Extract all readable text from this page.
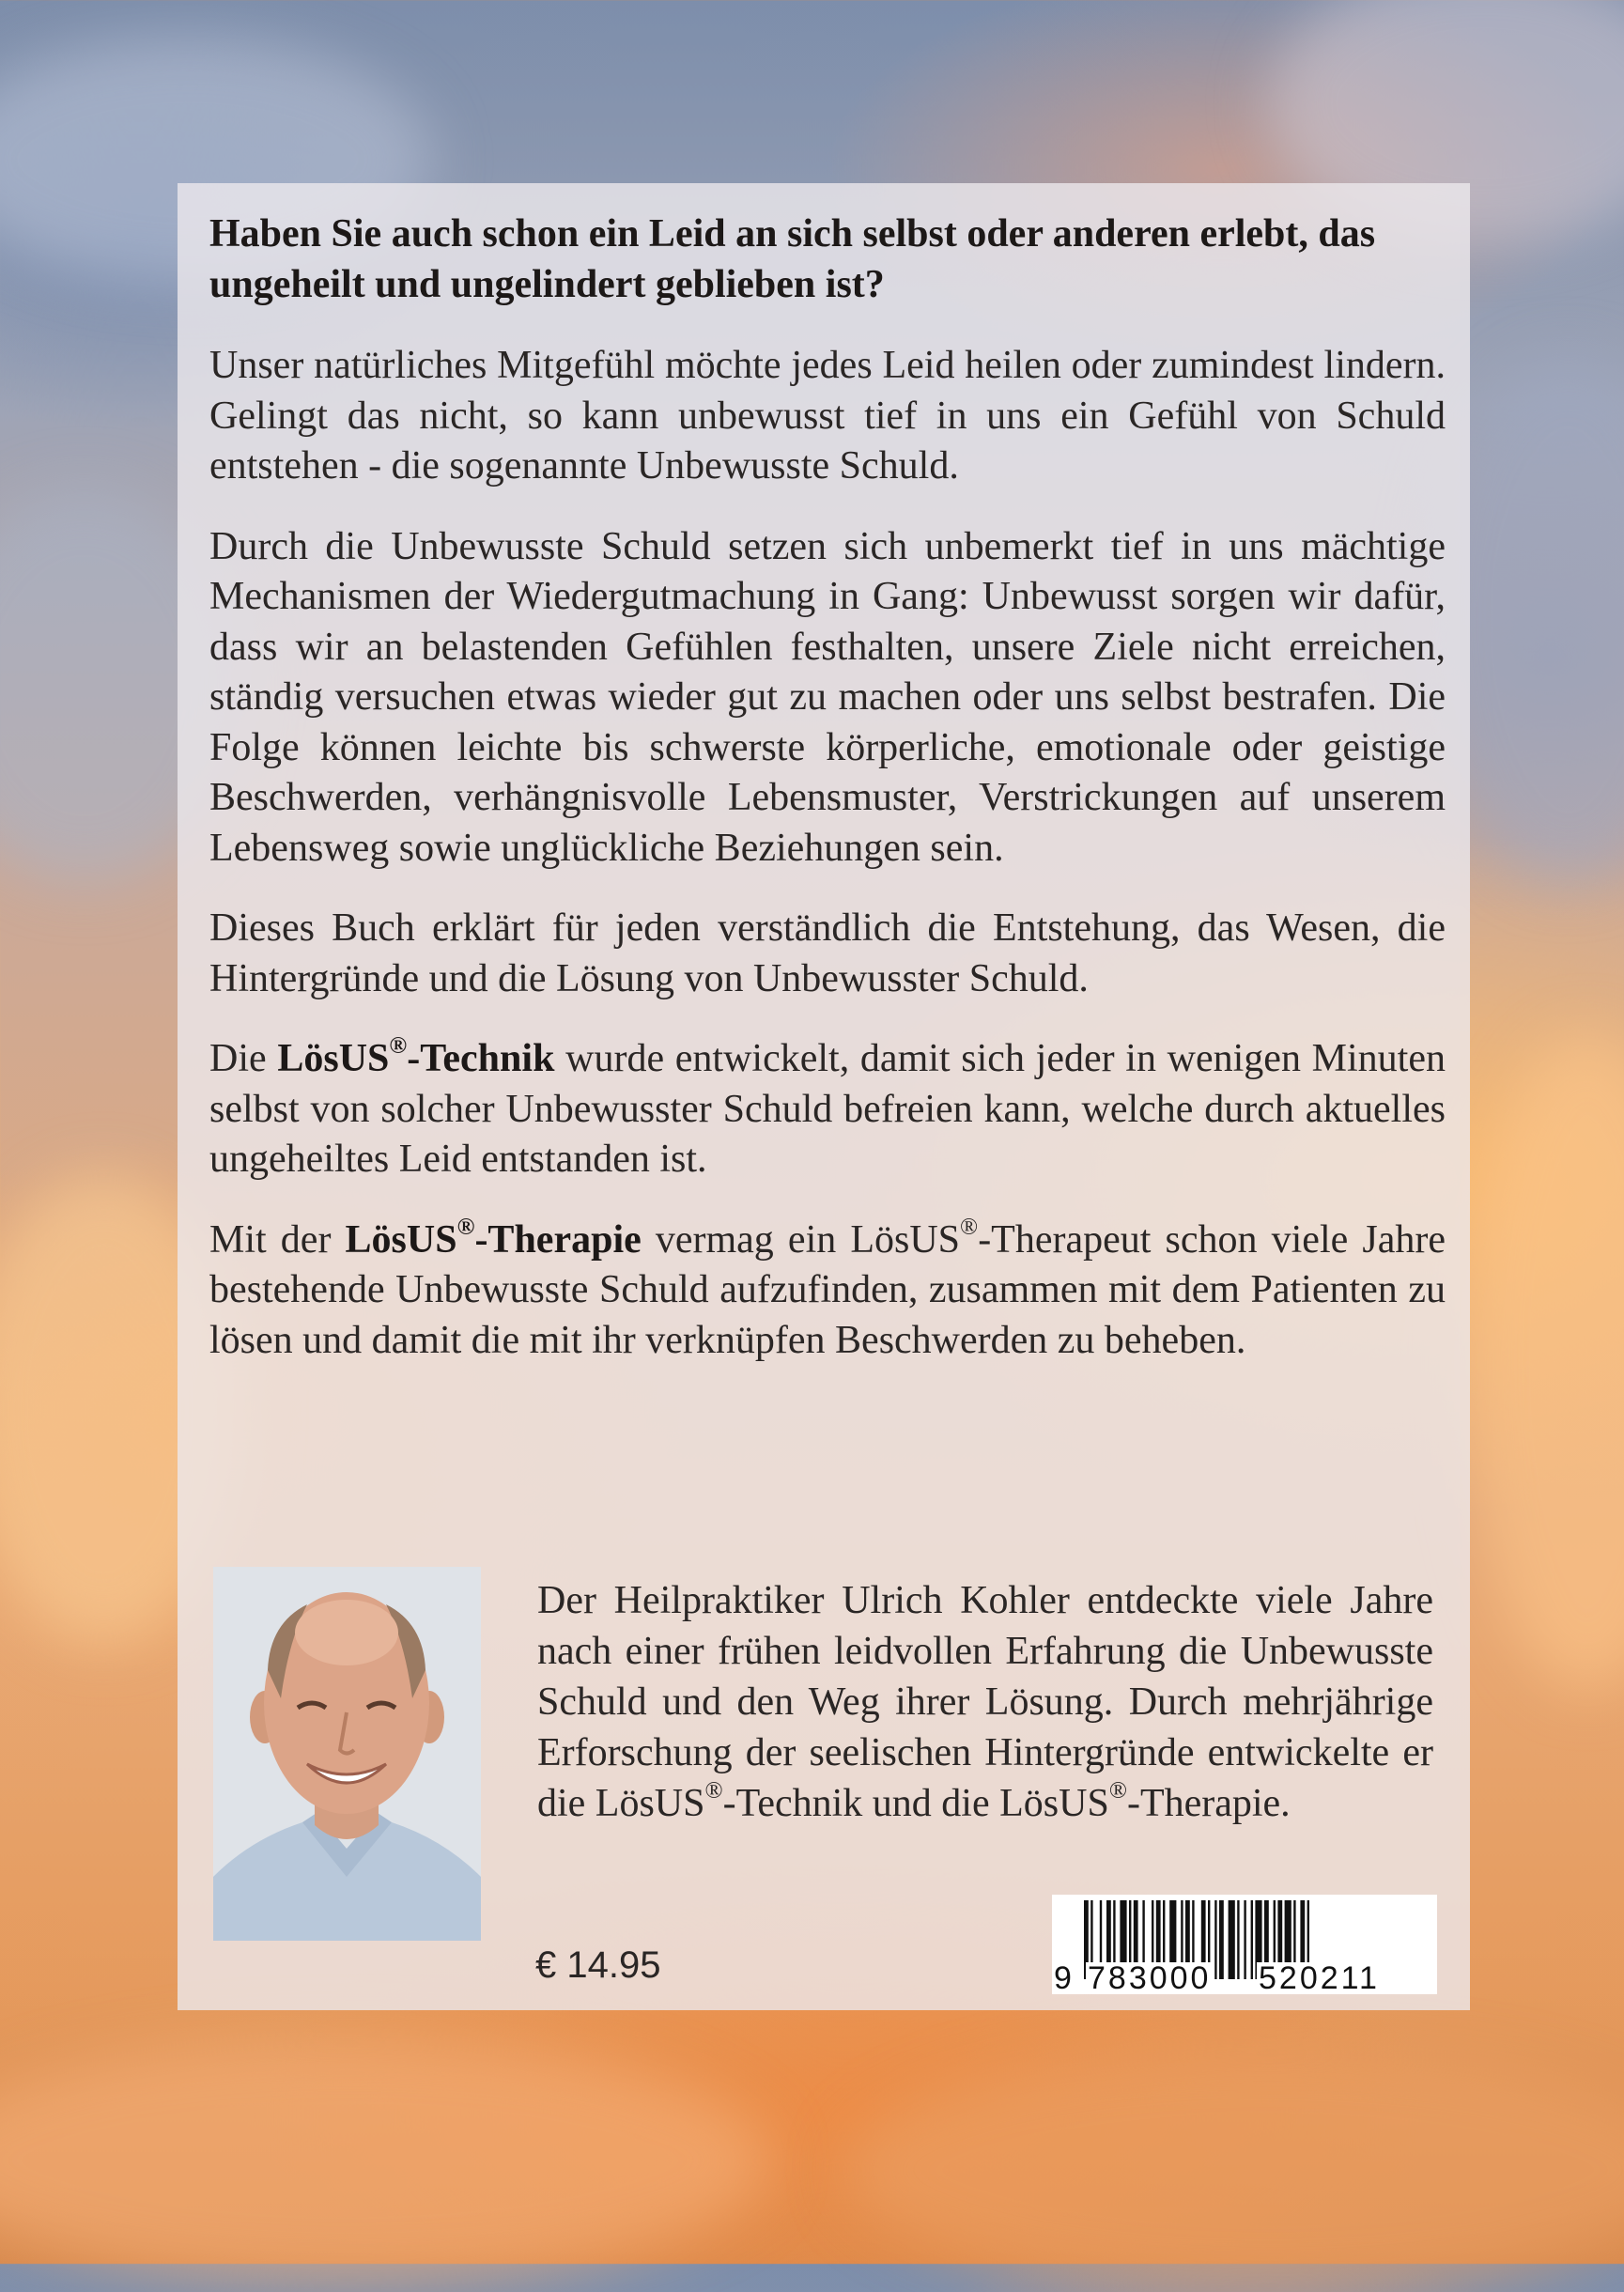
Haben Sie auch schon ein Leid an sich selbst oder anderen erlebt, das ungeheilt und ungelindert geblieben ist?

Unser natürliches Mitgefühl möchte jedes Leid heilen oder zumindest lindern. Gelingt das nicht, so kann unbewusst tief in uns ein Gefühl von Schuld entstehen - die sogenannte Unbewusste Schuld.

Durch die Unbewusste Schuld setzen sich unbemerkt tief in uns mächtige Mechanismen der Wiedergutmachung in Gang: Unbewusst sorgen wir dafür, dass wir an belastenden Gefühlen festhalten, unsere Ziele nicht erreichen, ständig versuchen etwas wieder gut zu machen oder uns selbst bestrafen. Die Folge können leichte bis schwerste körperliche, emotionale oder geistige Beschwerden, verhängnisvolle Lebensmuster, Verstrickungen auf unserem Lebensweg sowie unglückliche Beziehungen sein.

Dieses Buch erklärt für jeden verständlich die Entstehung, das Wesen, die Hintergründe und die Lösung von Unbewusster Schuld.

Die LösUS®-Technik wurde entwickelt, damit sich jeder in wenigen Minuten selbst von solcher Unbewusster Schuld befreien kann, welche durch aktuelles ungeheiltes Leid entstanden ist.

Mit der LösUS®-Therapie vermag ein LösUS®-Therapeut schon viele Jahre bestehende Unbewusste Schuld aufzufinden, zusammen mit dem Patienten zu lösen und damit die mit ihr verknüpfen Beschwerden zu beheben.

Der Heilpraktiker Ulrich Kohler entdeckte viele Jahre nach einer frühen leidvollen Erfahrung die Unbewusste Schuld und den Weg ihrer Lösung. Durch mehrjährige Erforschung der seelischen Hintergründe entwickelte er die LösUS®-Technik und die LösUS®-Therapie.
€ 14.95	9 783000 520211
